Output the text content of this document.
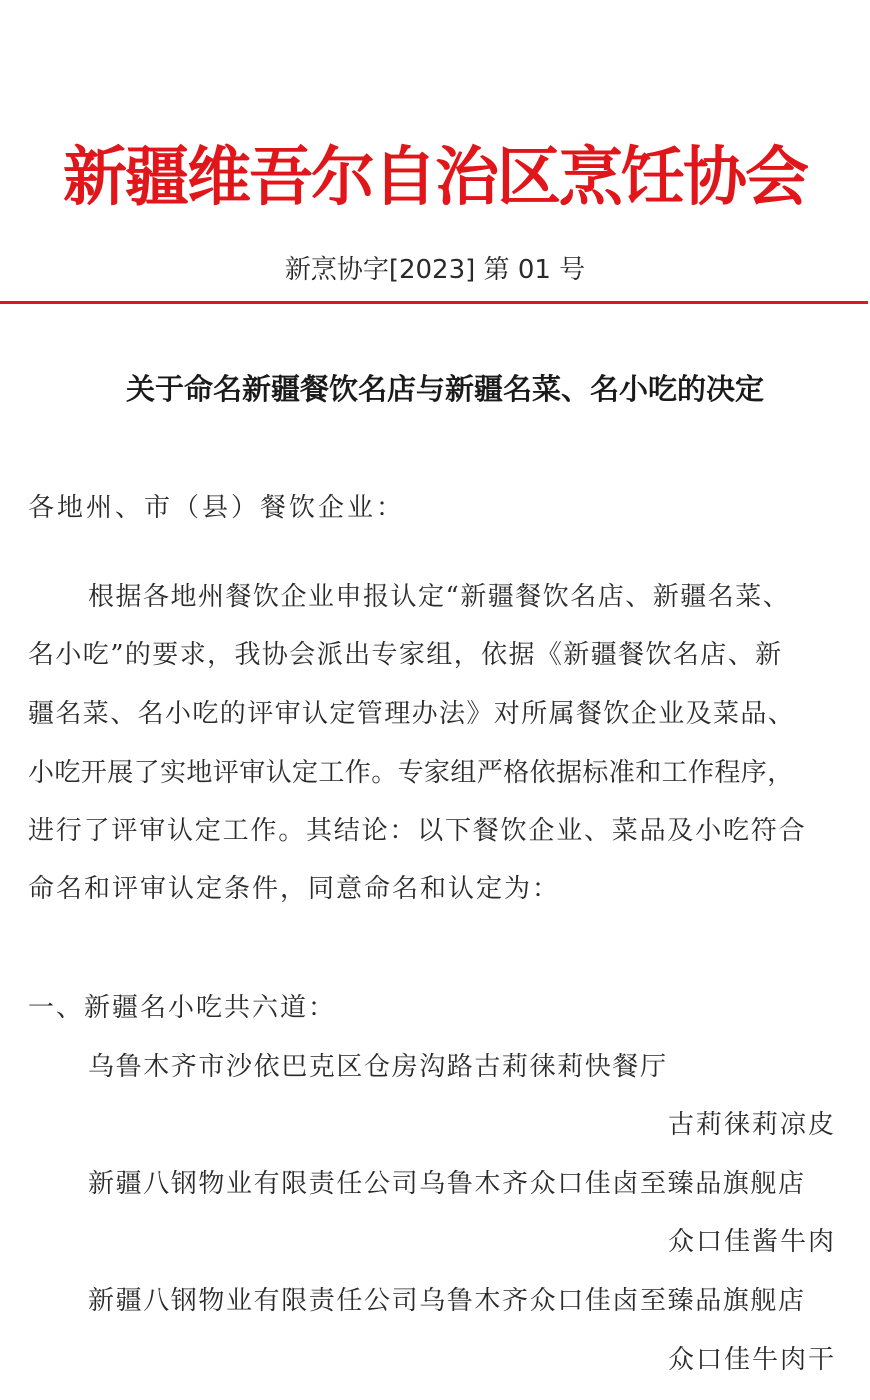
新疆维吾尔自治区烹饪协会
新烹协字[2023] 第 01 号
关于命名新疆餐饮名店与新疆名菜、名小吃的决定
各地州、市（县）餐饮企业：
根据各地州餐饮企业申报认定“新疆餐饮名店、新疆名菜、
名小吃”的要求，我协会派出专家组，依据《新疆餐饮名店、新
疆名菜、名小吃的评审认定管理办法》对所属餐饮企业及菜品、
小吃开展了实地评审认定工作。专家组严格依据标准和工作程序，
进行了评审认定工作。其结论：以下餐饮企业、菜品及小吃符合
命名和评审认定条件，同意命名和认定为：
一、新疆名小吃共六道：
乌鲁木齐市沙依巴克区仓房沟路古莉徕莉快餐厅
古莉徕莉凉皮
新疆八钢物业有限责任公司乌鲁木齐众口佳卤至臻品旗舰店
众口佳酱牛肉
新疆八钢物业有限责任公司乌鲁木齐众口佳卤至臻品旗舰店
众口佳牛肉干
